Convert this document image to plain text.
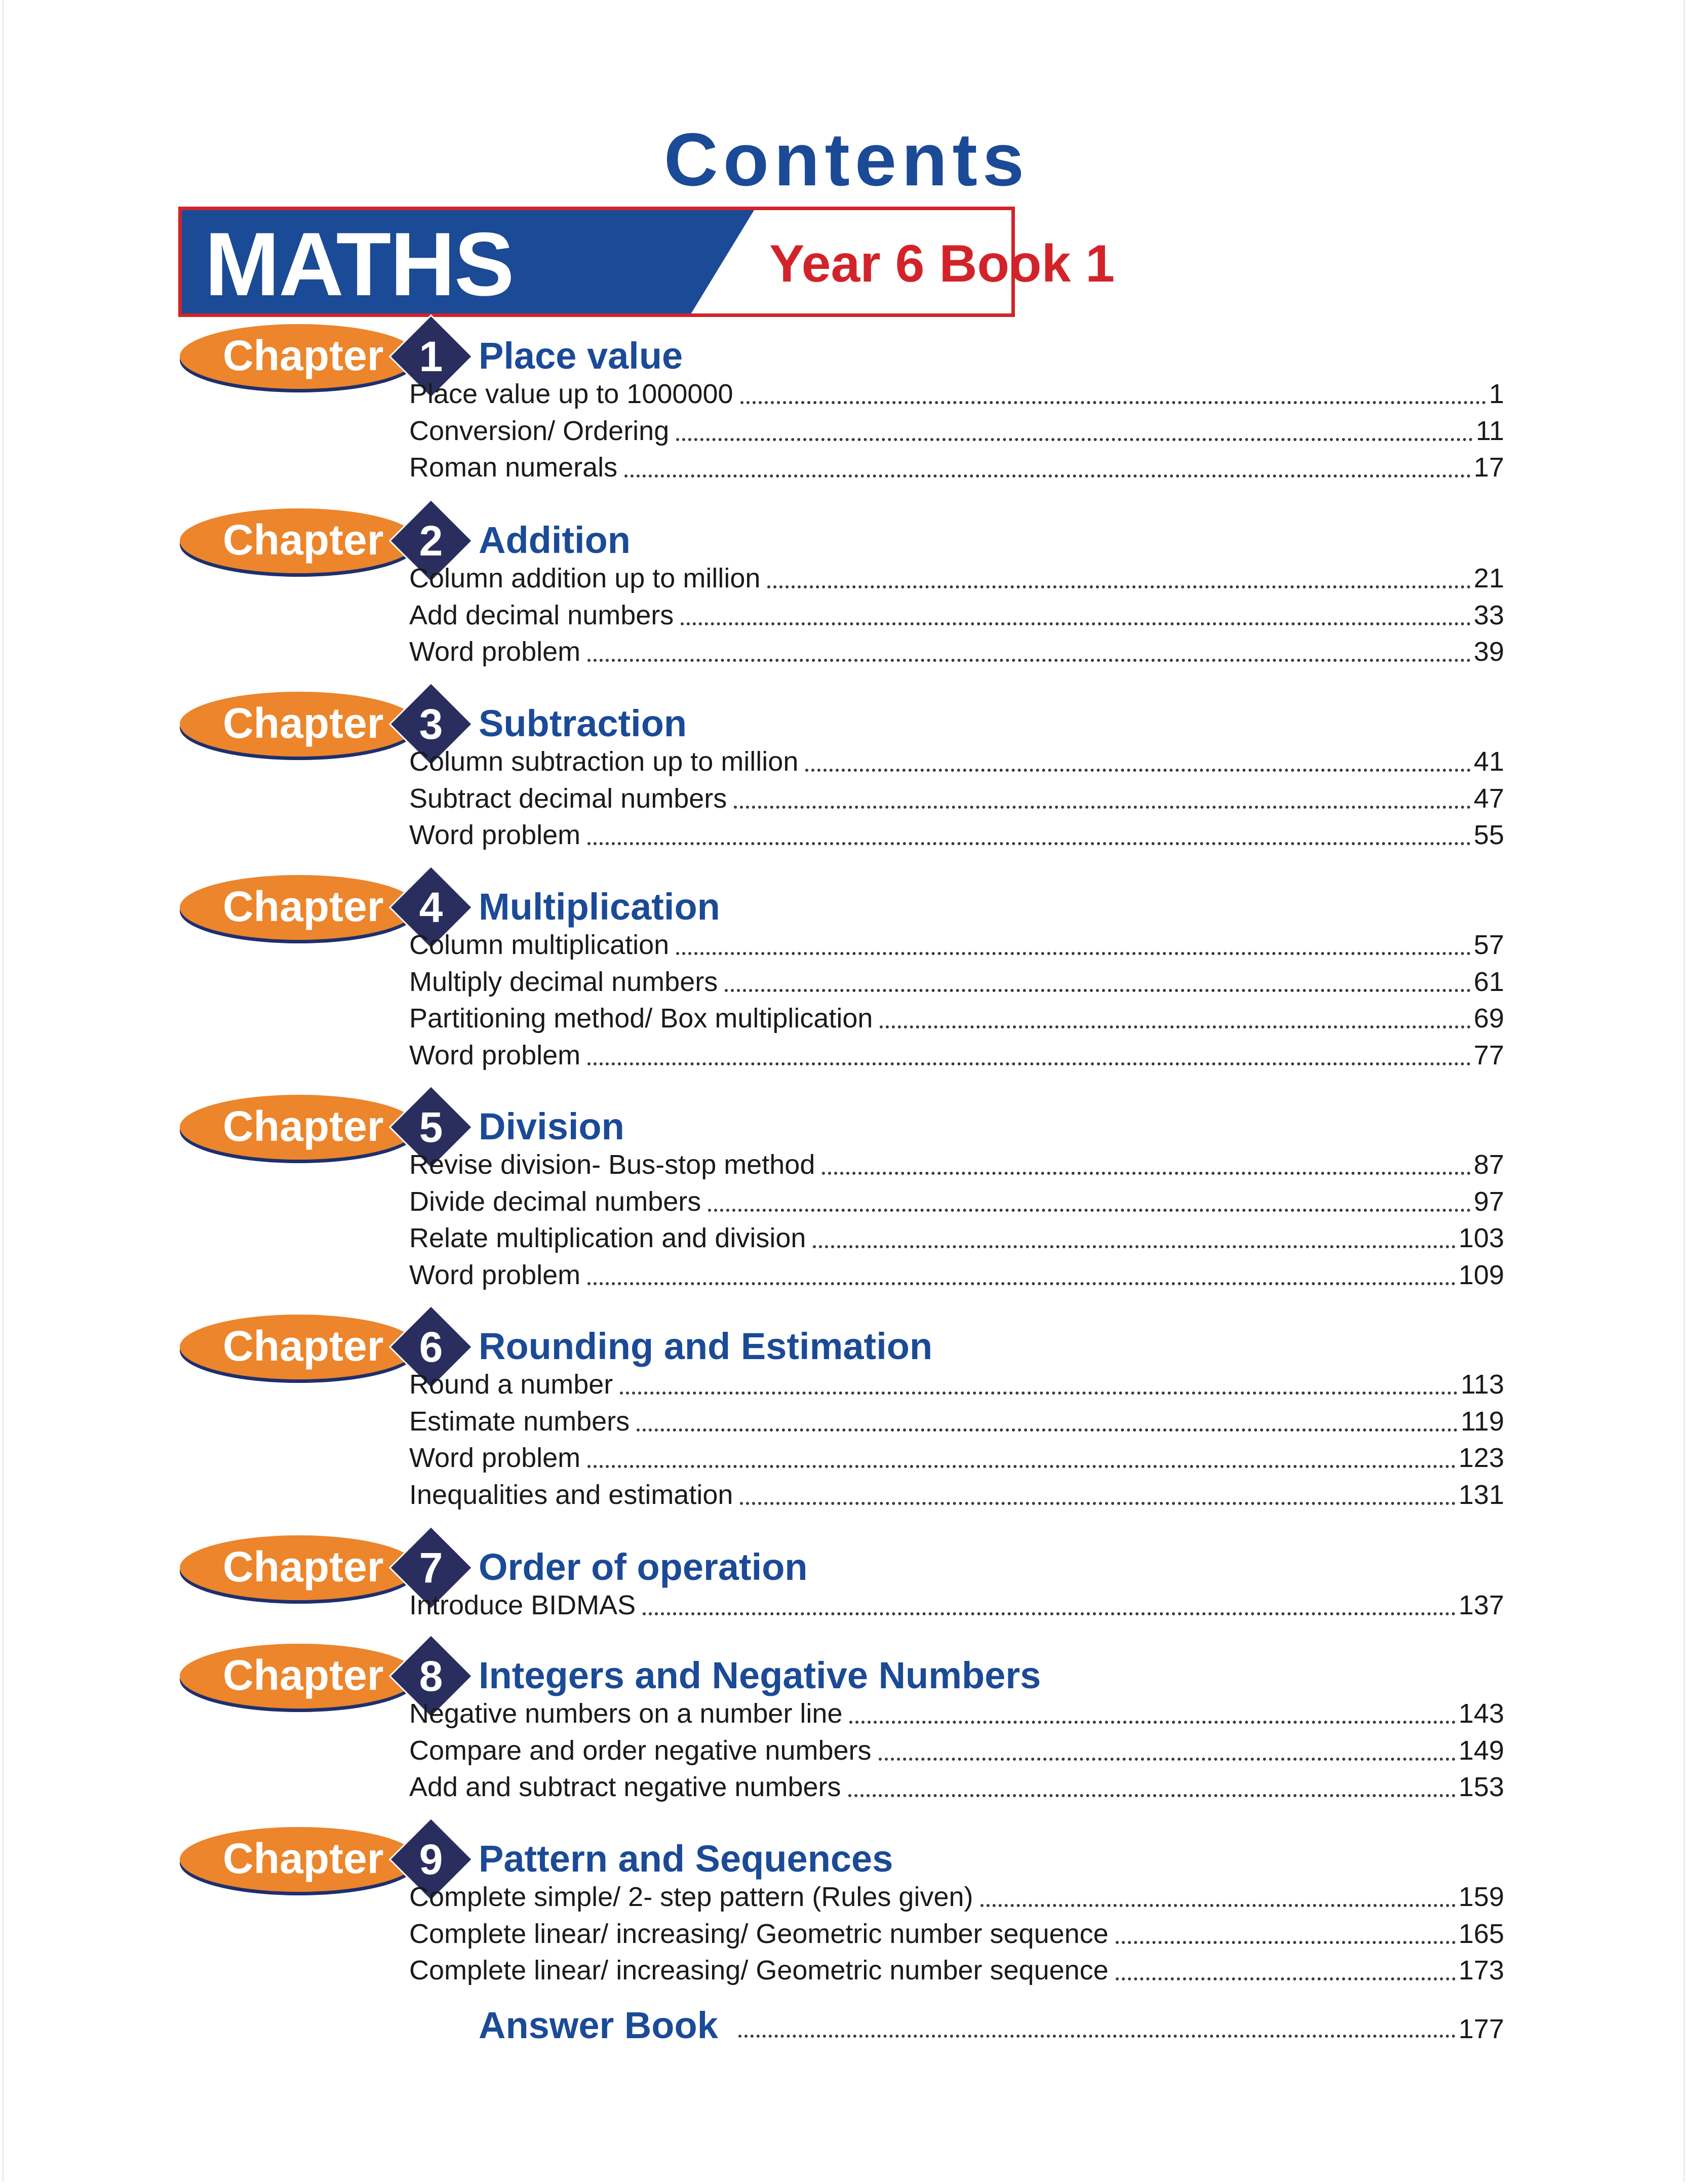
Contents
MATHS	Year 6 Book 1
Chapter 1 Place value
Place value up to 1000000	1
Conversion/ Ordering	11
Roman numerals	17
Chapter 2 Addition
Column addition up to million	21
Add decimal numbers	33
Word problem	39
Chapter 3 Subtraction
Column subtraction up to million	41
Subtract decimal numbers	47
Word problem	55
Chapter 4 Multiplication
Column multiplication	57
Multiply decimal numbers	61
Partitioning method/ Box multiplication	69
Word problem	77
Chapter 5 Division
Revise division- Bus-stop method	87
Divide decimal numbers	97
Relate multiplication and division	103
Word problem	109
Chapter 6 Rounding and Estimation
Round a number	113
Estimate numbers	119
Word problem	123
Inequalities and estimation	131
Chapter 7 Order of operation
Introduce BIDMAS	137
Chapter 8 Integers and Negative Numbers
Negative numbers on a number line	143
Compare and order negative numbers	149
Add and subtract negative numbers	153
Chapter 9 Pattern and Sequences
Complete simple/ 2- step pattern (Rules given)	159
Complete linear/ increasing/ Geometric number sequence	165
Complete linear/ increasing/ Geometric number sequence	173
Answer Book	177
